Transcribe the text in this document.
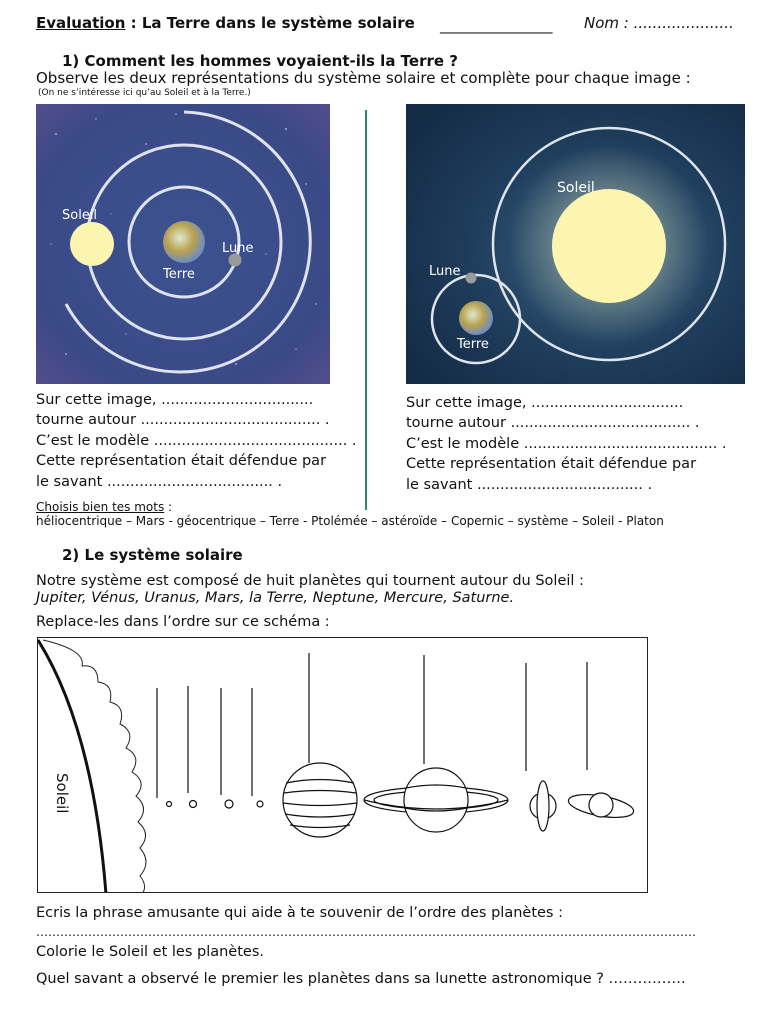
Evaluation : La Terre dans le système solaire _______________ Nom : .....................
1) Comment les hommes voyaient-ils la Terre ?
Observe les deux représentations du système solaire et complète pour chaque image :
(On ne s’intéresse ici qu’au Soleil et à la Terre.)
Soleil
Terre
Lune
Soleil
Terre
Lune
Sur cette image, .................................
tourne autour ....................................... .
C’est le modèle .......................................... .
Cette représentation était défendue par
le savant .................................... .
Sur cette image, .................................
tourne autour ....................................... .
C’est le modèle .......................................... .
Cette représentation était défendue par
le savant .................................... .
Choisis bien tes mots :
héliocentrique – Mars - géocentrique – Terre - Ptolémée – astéroïde – Copernic – système – Soleil - Platon
2) Le système solaire
Notre système est composé de huit planètes qui tournent autour du Soleil :
Jupiter, Vénus, Uranus, Mars, la Terre, Neptune, Mercure, Saturne.
Replace-les dans l’ordre sur ce schéma :
Soleil
Ecris la phrase amusante qui aide à te souvenir de l’ordre des planètes :
…………………………………………………………………………………………………………………………………………………
Colorie le Soleil et les planètes.
Quel savant a observé le premier les planètes dans sa lunette astronomique ? …………….
